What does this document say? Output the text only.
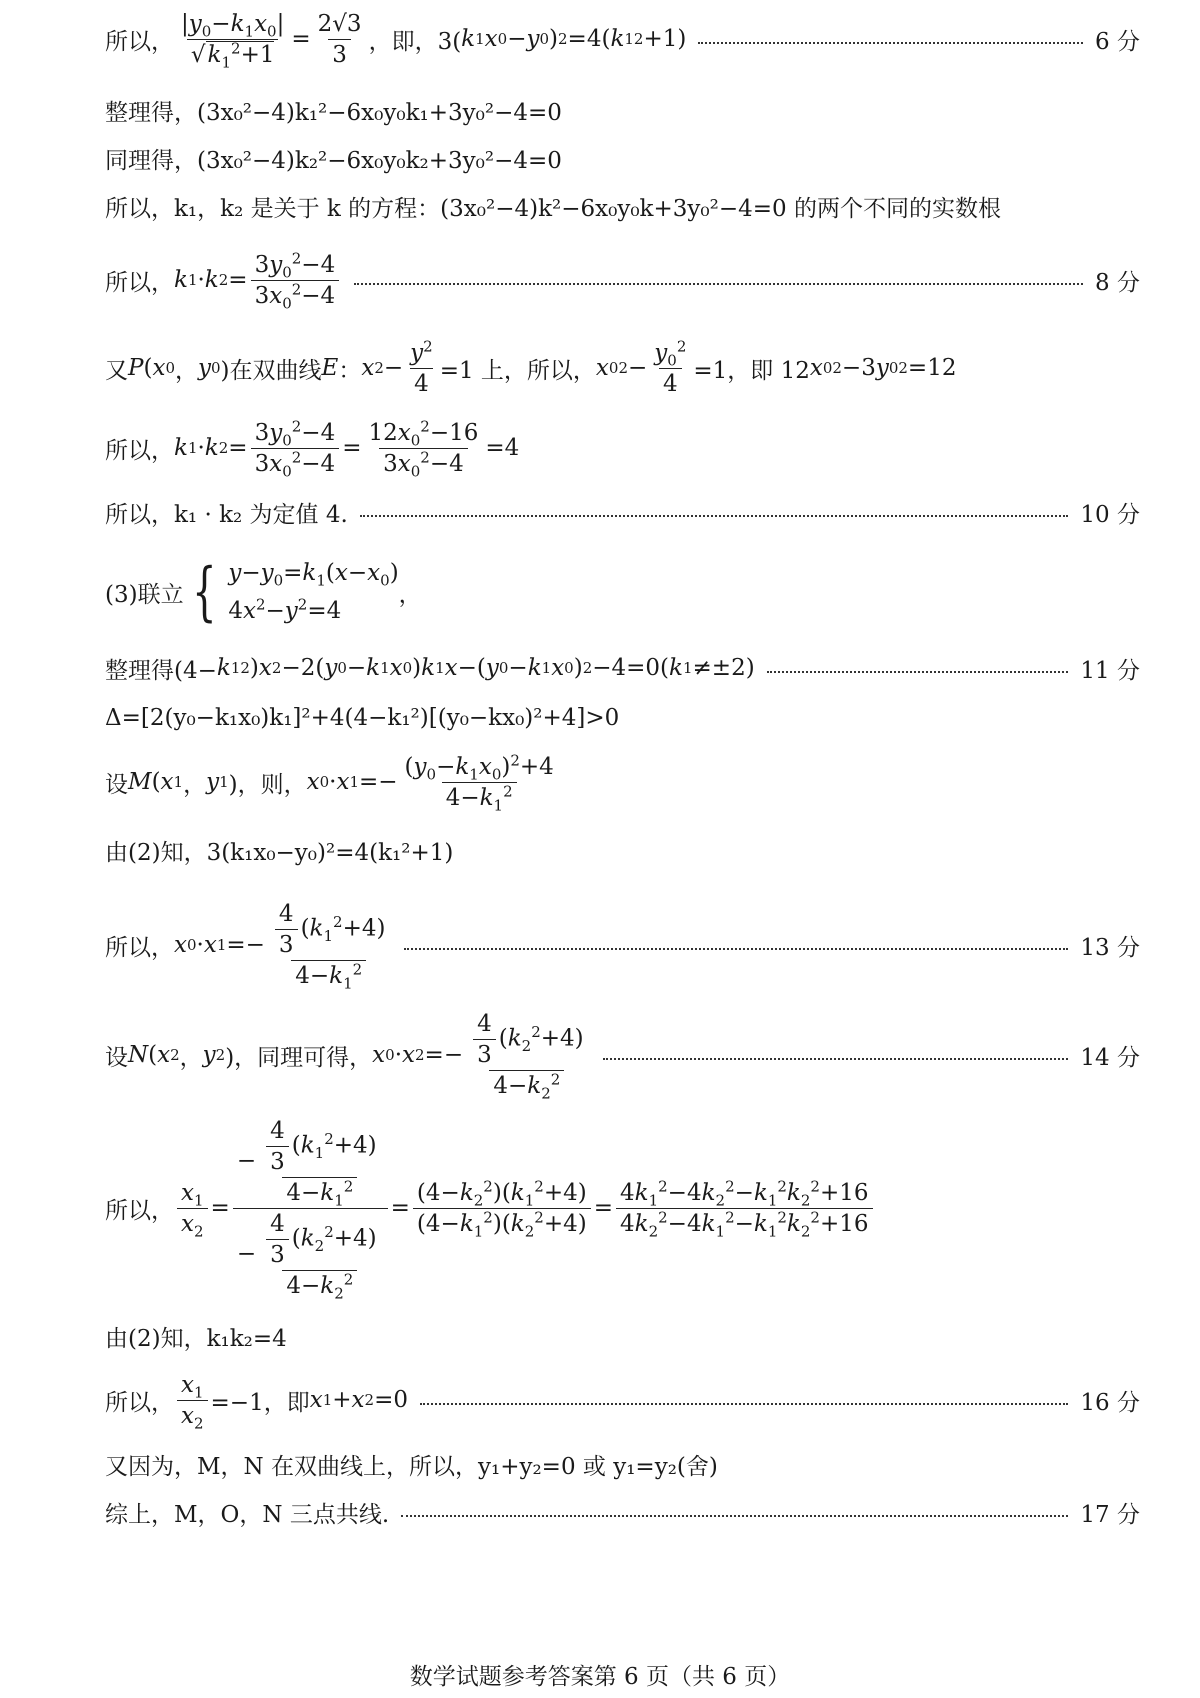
所以， $\frac{|y_0-k_1x_0|}{√k_1^2+1} = \frac{2√3}{3}$ ，即，3( k 1 x 0 − y 0 ) 2 =4( k 1 2 +1)	6 分
整理得，(3x₀²−4)k₁²−6x₀y₀k₁+3y₀²−4=0
同理得，(3x₀²−4)k₂²−6x₀y₀k₂+3y₀²−4=0
所以，k₁，k₂ 是关于 k 的方程：(3x₀²−4)k²−6x₀y₀k+3y₀²−4=0 的两个不同的实数根
所以， k 1 · k $2 = \frac{3y_0^2-4}{3x_0^2-4}$	8 分
又 P ( x 0 ， y 0 )在双曲线 E ： x $2 - \frac{y^2}{4} =1$ 上，所以， x 0 $2 - \frac{y_0^2}{4} =1$，即 12 x 0 2 −3 y 0 2 =12
所以， k 1 · k $2 = \frac{3y_0^2-4}{3x_0^2-4} = \frac{12x_0^2-16}{3x_0^2-4} =4$
所以，k₁ · k₂ 为定值 4.	10 分
(3)联立 { $y-y_0=k_1(x-x_0)$
$4x^2-y^2=4$
，
整理得(4− k 1 2 ) x 2 −2( y 0 − k 1 x 0 ) k 1 x −( y 0 − k 1 x 0 ) 2 −4=0( k 1 ≠±2)	11 分
Δ=[2(y₀−k₁x₀)k₁]²+4(4−k₁²)[(y₀−kx₀)²+4]>0
设 M ( x 1 ， y 1 )，则， x 0 · x $1 =- \frac{(y_0-k_1x_0)^2+4}{4-k_1^2}$
由(2)知，3(k₁x₀−y₀)²=4(k₁²+1)
所以， x 0 · x $1 =- \frac{\frac{4}{3} (k_1^2+4)}{4-k_1^2}$	13 分
设 N ( x 2 ， y 2 )，同理可得， x 0 · x $2 =- \frac{\frac{4}{3} (k_2^2+4)}{4-k_2^2}$	14 分
所以， $\frac{x_1}{x_2} = \frac{- \frac{\frac{4}{3} (k_1^2+4)}{4-k_1^2}}{- \frac{\frac{4}{3} (k_2^2+4)}{4-k_2^2}} = \frac{(4-k_2^2)(k_1^2+4)}{(4-k_1^2)(k_2^2+4)} = \frac{4k_1^2-4k_2^2-k_1^2k_2^2+16}{4k_2^2-4k_1^2-k_1^2k_2^2+16}$
由(2)知，k₁k₂=4
所以， $\frac{x_1}{x_2} =-1$，即 x 1 + x 2 =0	16 分
又因为，M，N 在双曲线上，所以，y₁+y₂=0 或 y₁=y₂(舍)
综上，M，O，N 三点共线.	17 分
数学试题参考答案第 6 页（共 6 页）
